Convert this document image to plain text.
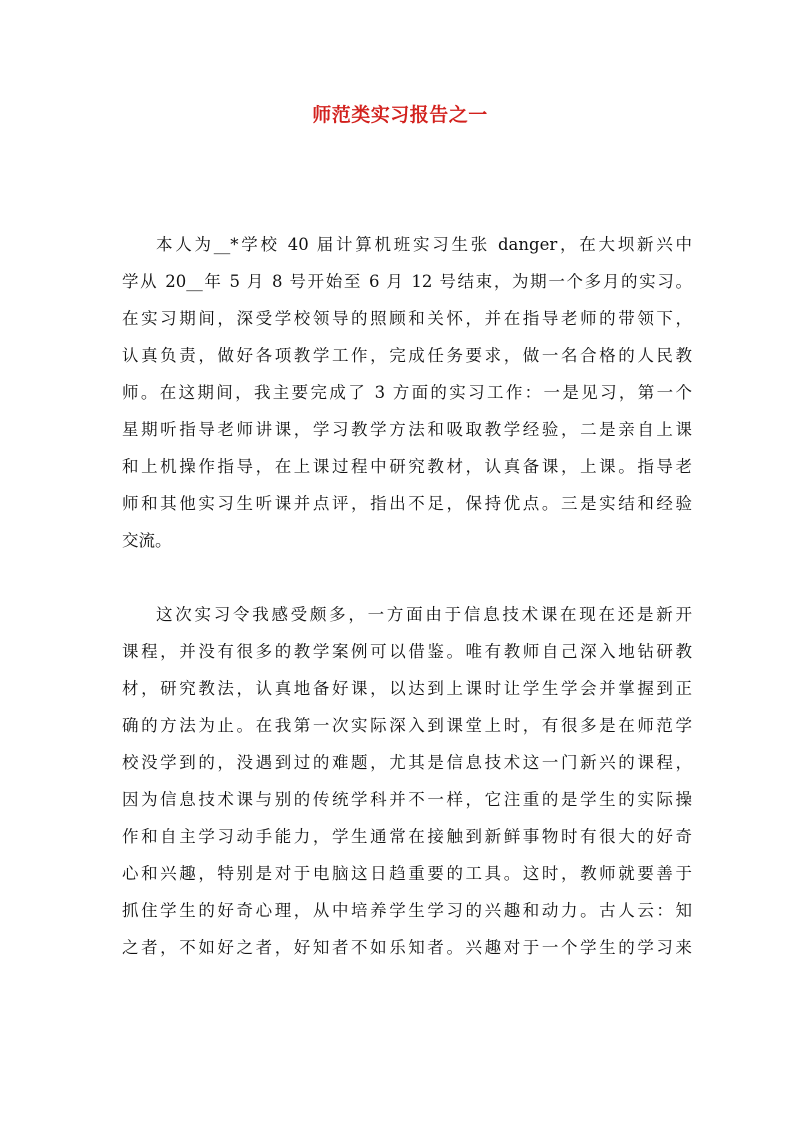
师范类实习报告之一
本人为__*学校 40 届计算机班实习生张 danger，在大坝新兴中
学从 20__年 5 月 8 号开始至 6 月 12 号结束，为期一个多月的实习。
在实习期间，深受学校领导的照顾和关怀，并在指导老师的带领下，
认真负责，做好各项教学工作，完成任务要求，做一名合格的人民教
师。在这期间，我主要完成了 3 方面的实习工作：一是见习，第一个
星期听指导老师讲课，学习教学方法和吸取教学经验，二是亲自上课
和上机操作指导，在上课过程中研究教材，认真备课，上课。指导老
师和其他实习生听课并点评，指出不足，保持优点。三是实结和经验
交流。
这次实习令我感受颇多，一方面由于信息技术课在现在还是新开
课程，并没有很多的教学案例可以借鉴。唯有教师自己深入地钻研教
材，研究教法，认真地备好课，以达到上课时让学生学会并掌握到正
确的方法为止。在我第一次实际深入到课堂上时，有很多是在师范学
校没学到的，没遇到过的难题，尤其是信息技术这一门新兴的课程，
因为信息技术课与别的传统学科并不一样，它注重的是学生的实际操
作和自主学习动手能力，学生通常在接触到新鲜事物时有很大的好奇
心和兴趣，特别是对于电脑这日趋重要的工具。这时，教师就要善于
抓住学生的好奇心理，从中培养学生学习的兴趣和动力。古人云：知
之者，不如好之者，好知者不如乐知者。兴趣对于一个学生的学习来
